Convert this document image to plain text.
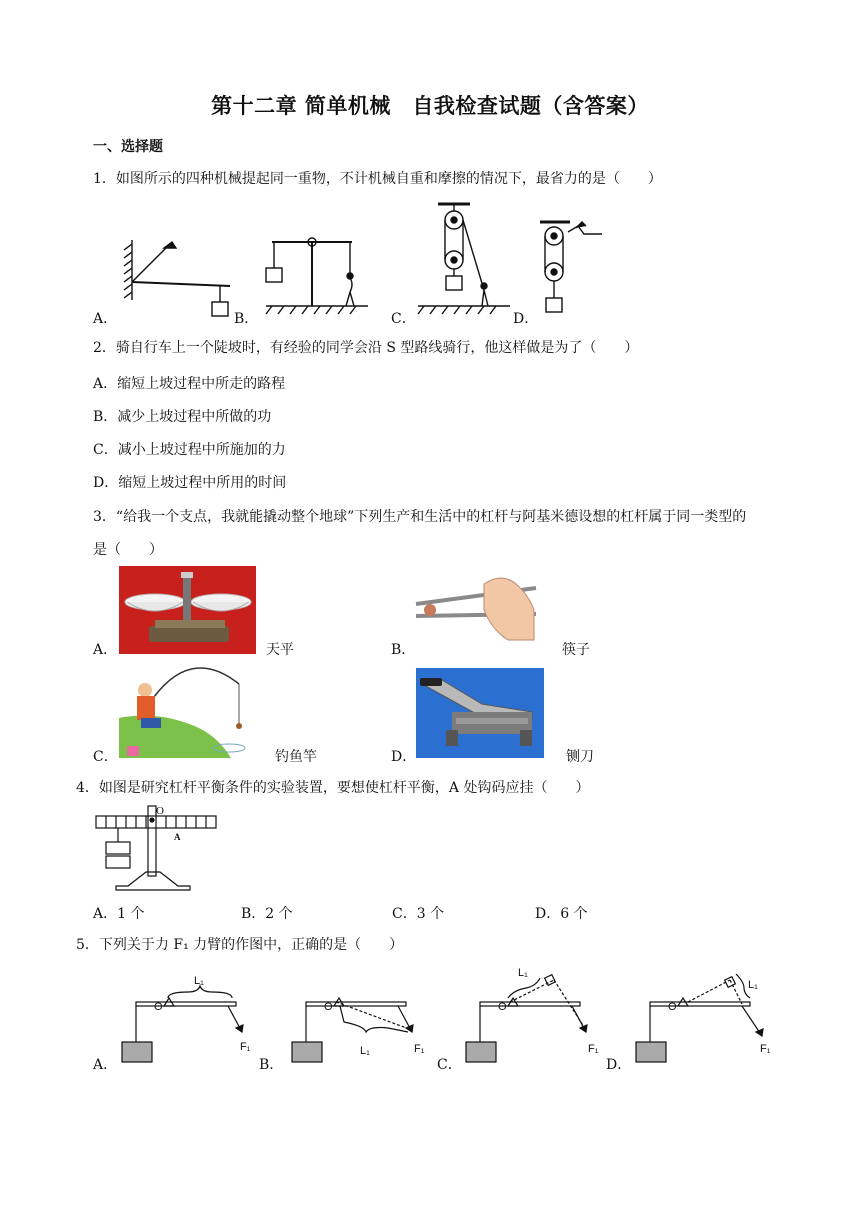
第十二章 简单机械　自我检查试题（含答案）
一、选择题
1．如图所示的四种机械提起同一重物，不计机械自重和摩擦的情况下，最省力的是（　　）
A．	B．	C．	D．
2．骑自行车上一个陡坡时，有经验的同学会沿 S 型路线骑行，他这样做是为了（　　）
A．缩短上坡过程中所走的路程
B．减少上坡过程中所做的功
C．减小上坡过程中所施加的力
D．缩短上坡过程中所用的时间
3．“给我一个支点，我就能撬动整个地球”下列生产和生活中的杠杆与阿基米德设想的杠杆属于同一类型的
是（　　）
A．	天平	B．	筷子
C．	钓鱼竿	D．	铡刀
4．如图是研究杠杆平衡条件的实验装置，要想使杠杆平衡，A 处钩码应挂（　　）
O
A
A．1 个	B．2 个	C．3 个	D．6 个
5．下列关于力 F₁ 力臂的作图中，正确的是（　　）
O
L₁
F₁
A．
O
L₁	F₁
B．
O
L₁
F₁
C．
O
L₁
F₁
D．
